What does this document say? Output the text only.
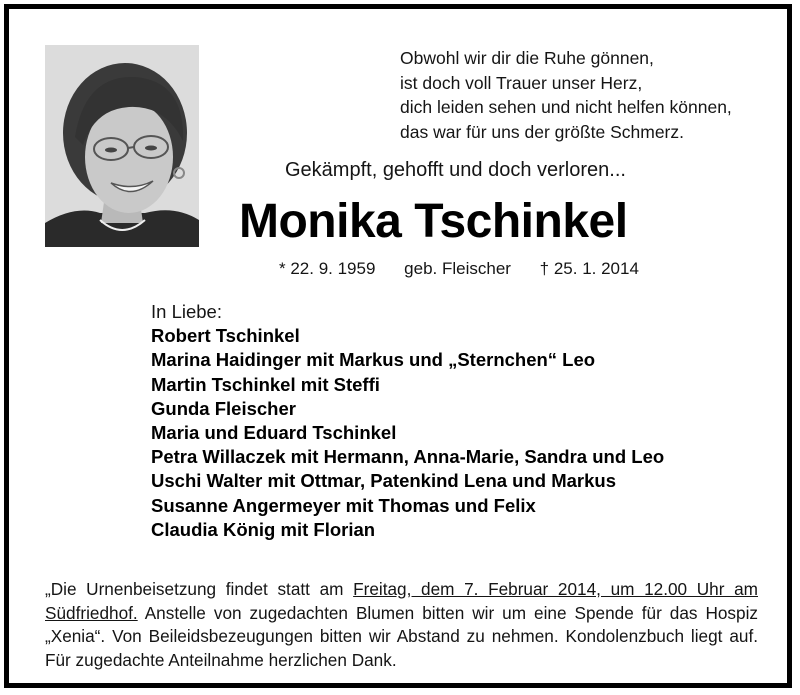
Obwohl wir dir die Ruhe gönnen,
ist doch voll Trauer unser Herz,
dich leiden sehen und nicht helfen können,
das war für uns der größte Schmerz.
Gekämpft, gehofft und doch verloren...
Monika Tschinkel
* 22. 9. 1959 geb. Fleischer † 25. 1. 2014
In Liebe:
Robert Tschinkel
Marina Haidinger mit Markus und „Sternchen“ Leo
Martin Tschinkel mit Steffi
Gunda Fleischer
Maria und Eduard Tschinkel
Petra Willaczek mit Hermann, Anna-Marie, Sandra und Leo
Uschi Walter mit Ottmar, Patenkind Lena und Markus
Susanne Angermeyer mit Thomas und Felix
Claudia König mit Florian
„Die Urnenbeisetzung findet statt am Freitag, dem 7. Februar 2014, um 12.00 Uhr am Südfriedhof. Anstelle von zugedachten Blumen bitten wir um eine Spende für das Hospiz „Xenia“. Von Beileidsbezeugungen bitten wir Abstand zu nehmen. Kondolenzbuch liegt auf. Für zugedachte Anteilnahme herzlichen Dank.
